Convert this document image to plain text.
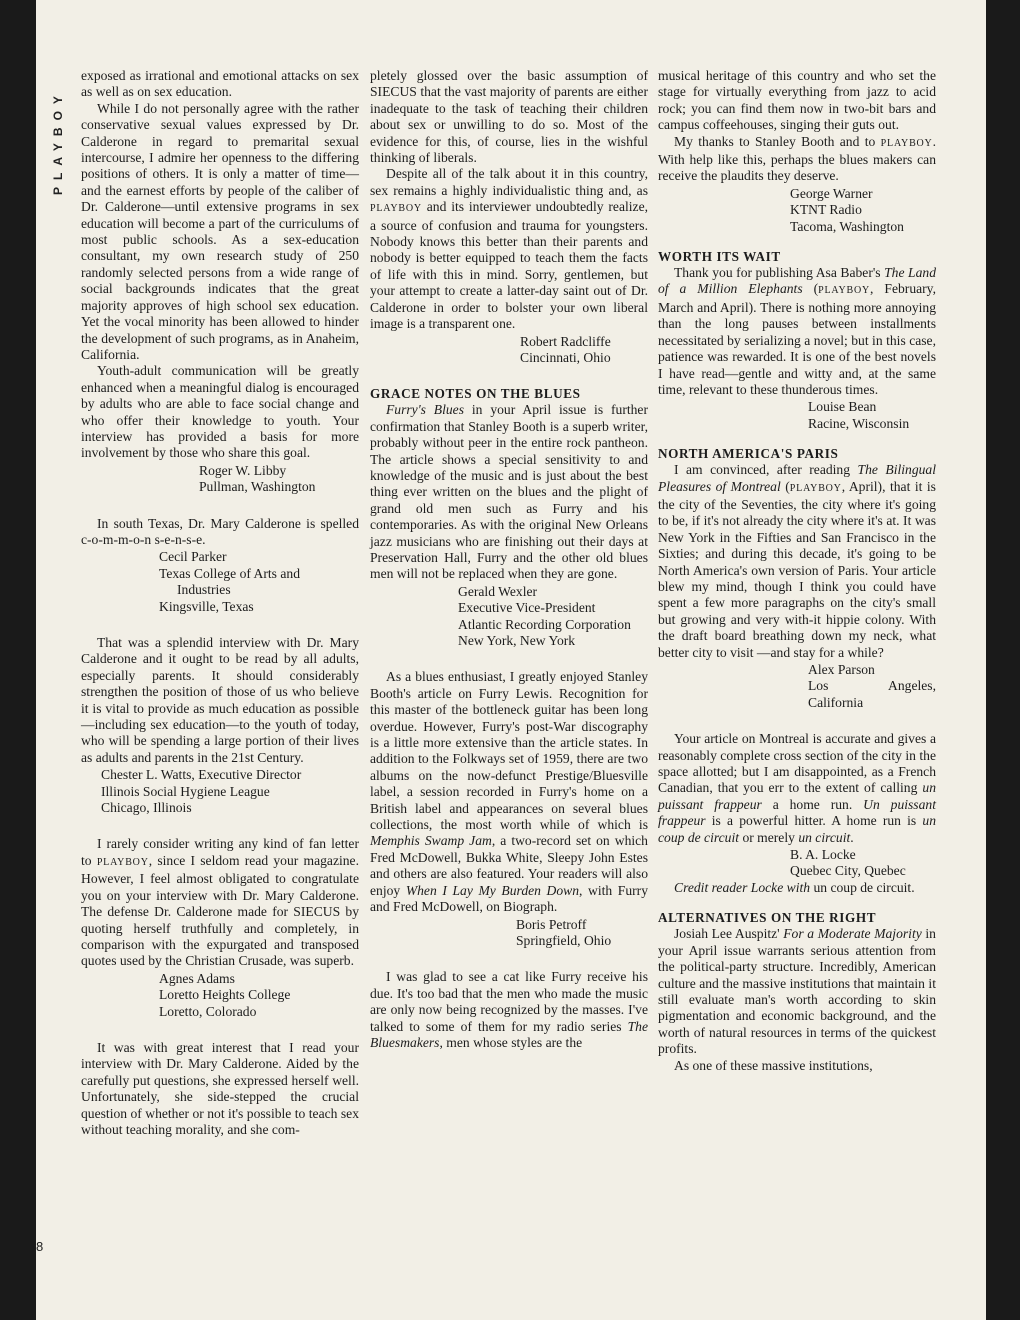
PLAYBOY
8

exposed as irrational and emotional attacks on sex as well as on sex education.

While I do not personally agree with the rather conservative sexual values expressed by Dr. Calderone in regard to premarital sexual intercourse, I admire her openness to the differing positions of others. It is only a matter of time—and the earnest efforts by people of the caliber of Dr. Calderone—until extensive programs in sex education will become a part of the curriculums of most public schools. As a sex-education consultant, my own research study of 250 randomly selected persons from a wide range of social backgrounds indicates that the great majority approves of high school sex education. Yet the vocal minority has been allowed to hinder the development of such programs, as in Anaheim, California.

Youth-adult communication will be greatly enhanced when a meaningful dialog is encouraged by adults who are able to face social change and who offer their knowledge to youth. Your interview has provided a basis for more involvement by those who share this goal.

Roger W. Libby
Pullman, Washington

In south Texas, Dr. Mary Calderone is spelled c-o-m-m-o-n s-e-n-s-e.

Cecil Parker
Texas College of Arts and
Industries
Kingsville, Texas

That was a splendid interview with Dr. Mary Calderone and it ought to be read by all adults, especially parents. It should considerably strengthen the position of those of us who believe it is vital to provide as much education as possible —including sex education—to the youth of today, who will be spending a large portion of their lives as adults and parents in the 21st Century.

Chester L. Watts, Executive Director
Illinois Social Hygiene League
Chicago, Illinois

I rarely consider writing any kind of fan letter to PLAYBOY, since I seldom read your magazine. However, I feel almost obligated to congratulate you on your interview with Dr. Mary Calderone. The defense Dr. Calderone made for SIECUS by quoting herself truthfully and completely, in comparison with the expurgated and transposed quotes used by the Christian Crusade, was superb.

Agnes Adams
Loretto Heights College
Loretto, Colorado

It was with great interest that I read your interview with Dr. Mary Calderone. Aided by the carefully put questions, she expressed herself well. Unfortunately, she side-stepped the crucial question of whether or not it's possible to teach sex without teaching morality, and she com-

pletely glossed over the basic assumption of SIECUS that the vast majority of parents are either inadequate to the task of teaching their children about sex or unwilling to do so. Most of the evidence for this, of course, lies in the wishful thinking of liberals.

Despite all of the talk about it in this country, sex remains a highly individualistic thing and, as PLAYBOY and its interviewer undoubtedly realize, a source of confusion and trauma for youngsters. Nobody knows this better than their parents and nobody is better equipped to teach them the facts of life with this in mind. Sorry, gentlemen, but your attempt to create a latter-day saint out of Dr. Calderone in order to bolster your own liberal image is a transparent one.

Robert Radcliffe
Cincinnati, Ohio
GRACE NOTES ON THE BLUES

Furry's Blues in your April issue is further confirmation that Stanley Booth is a superb writer, probably without peer in the entire rock pantheon. The article shows a special sensitivity to and knowledge of the music and is just about the best thing ever written on the blues and the plight of grand old men such as Furry and his contemporaries. As with the original New Orleans jazz musicians who are finishing out their days at Preservation Hall, Furry and the other old blues men will not be replaced when they are gone.

Gerald Wexler
Executive Vice-President
Atlantic Recording Corporation
New York, New York

As a blues enthusiast, I greatly enjoyed Stanley Booth's article on Furry Lewis. Recognition for this master of the bottleneck guitar has been long overdue. However, Furry's post-War discography is a little more extensive than the article states. In addition to the Folkways set of 1959, there are two albums on the now-defunct Prestige/Bluesville label, a session recorded in Furry's home on a British label and appearances on several blues collections, the most worth while of which is Memphis Swamp Jam, a two-record set on which Fred McDowell, Bukka White, Sleepy John Estes and others are also featured. Your readers will also enjoy When I Lay My Burden Down, with Furry and Fred McDowell, on Biograph.

Boris Petroff
Springfield, Ohio

I was glad to see a cat like Furry receive his due. It's too bad that the men who made the music are only now being recognized by the masses. I've talked to some of them for my radio series The Bluesmakers, men whose styles are the

musical heritage of this country and who set the stage for virtually everything from jazz to acid rock; you can find them now in two-bit bars and campus coffeehouses, singing their guts out.

My thanks to Stanley Booth and to PLAYBOY. With help like this, perhaps the blues makers can receive the plaudits they deserve.

George Warner
KTNT Radio
Tacoma, Washington
WORTH ITS WAIT

Thank you for publishing Asa Baber's The Land of a Million Elephants (PLAYBOY, February, March and April). There is nothing more annoying than the long pauses between installments necessitated by serializing a novel; but in this case, patience was rewarded. It is one of the best novels I have read—gentle and witty and, at the same time, relevant to these thunderous times.

Louise Bean
Racine, Wisconsin
NORTH AMERICA'S PARIS

I am convinced, after reading The Bilingual Pleasures of Montreal (PLAYBOY, April), that it is the city of the Seventies, the city where it's going to be, if it's not already the city where it's at. It was New York in the Fifties and San Francisco in the Sixties; and during this decade, it's going to be North America's own version of Paris. Your article blew my mind, though I think you could have spent a few more paragraphs on the city's small but growing and very with-it hippie colony. With the draft board breathing down my neck, what better city to visit —and stay for a while?

Alex Parson
Los Angeles, California

Your article on Montreal is accurate and gives a reasonably complete cross section of the city in the space allotted; but I am disappointed, as a French Canadian, that you err to the extent of calling un puissant frappeur a home run. Un puissant frappeur is a powerful hitter. A home run is un coup de circuit or merely un circuit.

B. A. Locke
Quebec City, Quebec

Credit reader Locke with un coup de circuit.

ALTERNATIVES ON THE RIGHT

Josiah Lee Auspitz' For a Moderate Majority in your April issue warrants serious attention from the political-party structure. Incredibly, American culture and the massive institutions that maintain it still evaluate man's worth according to skin pigmentation and economic background, and the worth of natural resources in terms of the quickest profits.

As one of these massive institutions,
